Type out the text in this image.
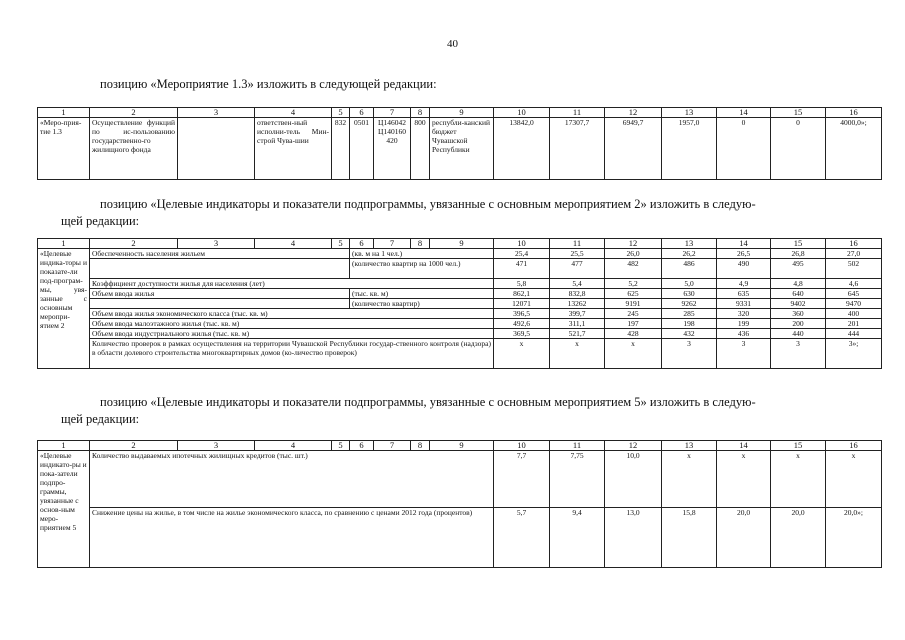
40
позицию «Мероприятие 1.3» изложить в следующей редакции:
1	2	3	4	5	6	7	8	9	10	11	12	13	14	15	16
«Меро-прия-тие 1.3	Осуществление функций по ис-пользованию государственно-го жилищного фонда		ответствен-ный исполни-тель Мин-строй Чува-шии	832	0501	Ц146042 Ц140160 420	800	республи-канский бюджет Чувашской Республики	13842,0	17307,7	6949,7	1957,0	0	0	4000,0»;
позицию «Целевые индикаторы и показатели подпрограммы, увязанные с основным мероприятием 2» изложить в следую-
щей редакции:
1	2	3	4	5	6	7	8	9	10	11	12	13	14	15	16
«Целевые индика-торы и показате-ли под-програм-мы, увя-занные с основным меропри-ятием 2	Обеспеченность населения жильем				(кв. м на 1 чел.)				25,4	25,5	26,0	26,2	26,5	26,8	27,0
					(количество квартир на 1000 чел.)				471	477	482	486	490	495	502
	Коэффициент доступности жилья для населения (лет)								5,8	5,4	5,2	5,0	4,9	4,8	4,6
	Объем ввода жилья				(тыс. кв. м)				862,1	832,8	625	630	635	640	645
					(количество квартир)				12071	13262	9191	9262	9331	9402	9470
	Объем ввода жилья экономического класса (тыс. кв. м)								396,5	399,7	245	285	320	360	400
	Объем ввода малоэтажного жилья (тыс. кв. м)								492,6	311,1	197	198	199	200	201
	Объем ввода индустриального жилья (тыс. кв. м)								369,5	521,7	428	432	436	440	444
	Количество проверок в рамках осуществления на территории Чувашской Республики государ-ственного контроля (надзора) в области долевого строительства многоквартирных домов (ко-личество проверок)								x	x	x	3	3	3	3»;
позицию «Целевые индикаторы и показатели подпрограммы, увязанные с основным мероприятием 5» изложить в следую-
щей редакции:
1	2	3	4	5	6	7	8	9	10	11	12	13	14	15	16
«Целевые индикато-ры и пока-затели подпро-граммы, увязанные с основ-ным меро-приятием 5	Количество выдаваемых ипотечных жилищных кредитов (тыс. шт.)								7,7	7,75	10,0	x	x	x	x
	Снижение цены на жилье, в том числе на жилье экономического класса, по сравнению с ценами 2012 года (процентов)								5,7	9,4	13,0	15,8	20,0	20,0	20,0»;
